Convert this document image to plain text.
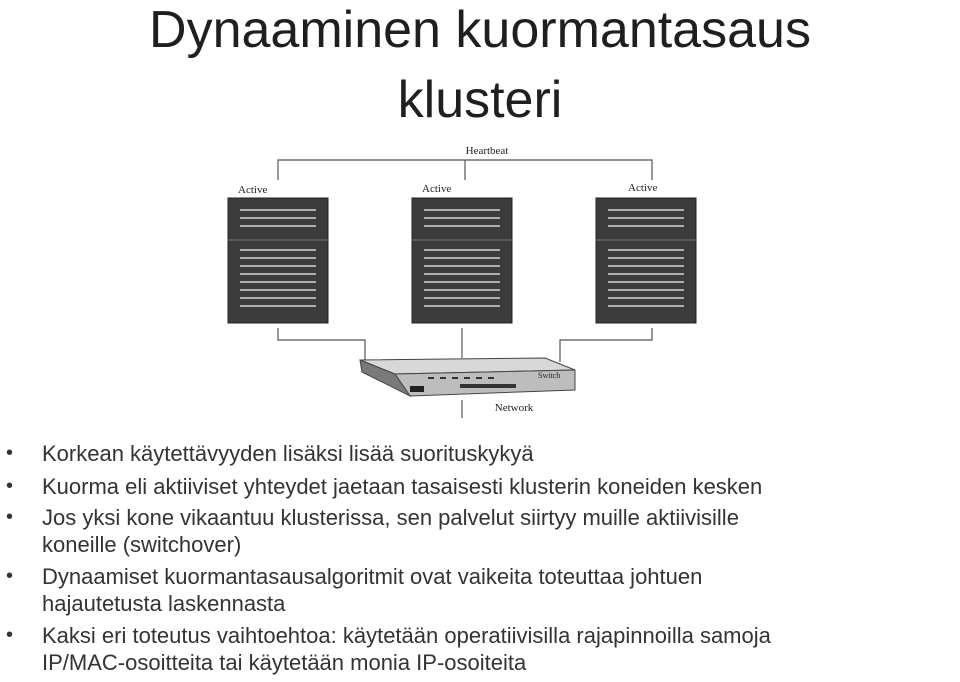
Dynaaminen kuormantasaus
klusteri
Heartbeat
Active	Active	Active
Switch
Network
• Korkean käytettävyyden lisäksi lisää suorituskykyä
• Kuorma eli aktiiviset yhteydet jaetaan tasaisesti klusterin koneiden kesken
• Jos yksi kone vikaantuu klusterissa, sen palvelut siirtyy muille aktiivisille
koneille (switchover)
• Dynaamiset kuormantasausalgoritmit ovat vaikeita toteuttaa johtuen
hajautetusta laskennasta
• Kaksi eri toteutus vaihtoehtoa: käytetään operatiivisilla rajapinnoilla samoja
IP/MAC-osoitteita tai käytetään monia IP-osoiteita
